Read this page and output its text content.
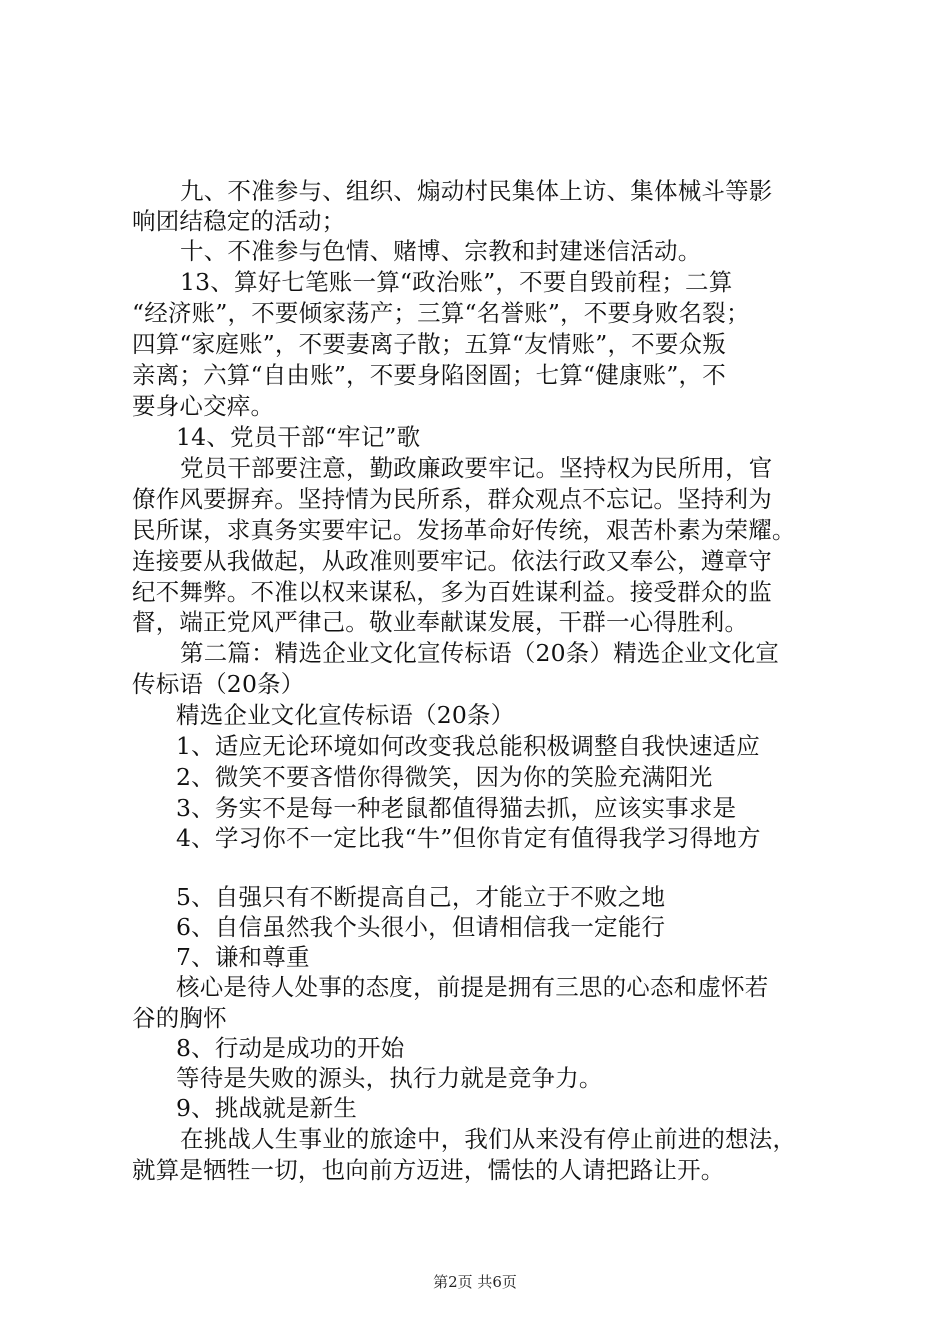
九、不准参与、组织、煽动村民集体上访、集体械斗等影
响团结稳定的活动；
十、不准参与色情、赌博、宗教和封建迷信活动。
13、算好七笔账一算“政治账”，不要自毁前程；二算
“经济账”，不要倾家荡产；三算“名誉账”，不要身败名裂；
四算“家庭账”，不要妻离子散；五算“友情账”，不要众叛
亲离；六算“自由账”，不要身陷囹圄；七算“健康账”，不
要身心交瘁。
14、党员干部“牢记”歌
党员干部要注意，勤政廉政要牢记。坚持权为民所用，官
僚作风要摒弃。坚持情为民所系，群众观点不忘记。坚持利为
民所谋，求真务实要牢记。发扬革命好传统，艰苦朴素为荣耀。
连接要从我做起，从政准则要牢记。依法行政又奉公，遵章守
纪不舞弊。不准以权来谋私，多为百姓谋利益。接受群众的监
督，端正党风严律己。敬业奉献谋发展，干群一心得胜利。
第二篇：精选企业文化宣传标语（20条）精选企业文化宣
传标语（20条）
精选企业文化宣传标语（20条）
1、适应无论环境如何改变我总能积极调整自我快速适应
2、微笑不要吝惜你得微笑，因为你的笑脸充满阳光
3、务实不是每一种老鼠都值得猫去抓，应该实事求是
4、学习你不一定比我“牛”但你肯定有值得我学习得地方
5、自强只有不断提高自己，才能立于不败之地
6、自信虽然我个头很小，但请相信我一定能行
7、谦和尊重
核心是待人处事的态度，前提是拥有三思的心态和虚怀若
谷的胸怀
8、行动是成功的开始
等待是失败的源头，执行力就是竞争力。
9、挑战就是新生
在挑战人生事业的旅途中，我们从来没有停止前进的想法，
就算是牺牲一切，也向前方迈进，懦怯的人请把路让开。
第2页 共6页
